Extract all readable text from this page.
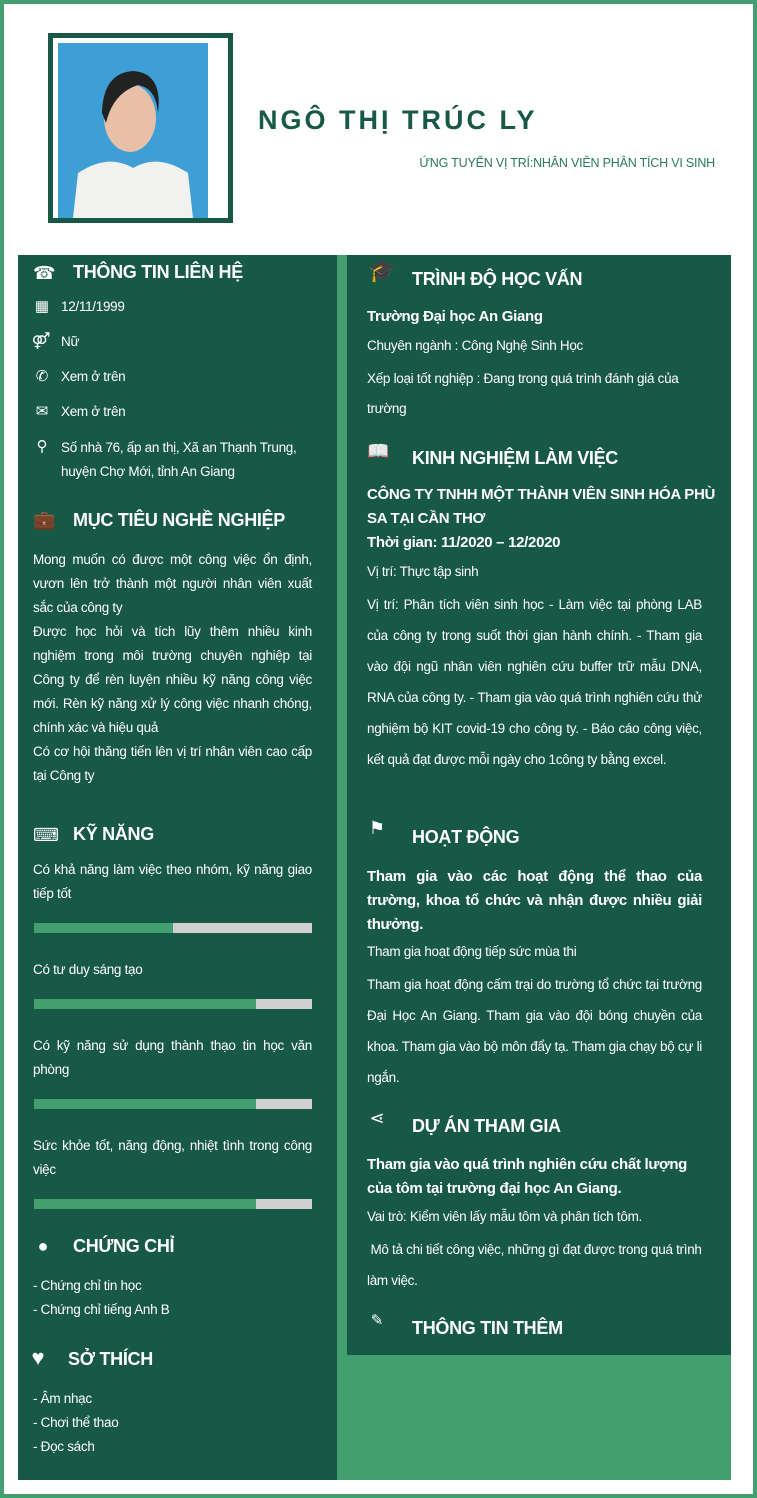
NGÔ THỊ TRÚC LY
ỨNG TUYỂN VỊ TRÍ:NHÂN VIÊN PHÂN TÍCH VI SINH
☎ THÔNG TIN LIÊN HỆ
▦ 12/11/1999
⚤ Nữ
✆ Xem ở trên
✉ Xem ở trên
⚲	Số nhà 76, ấp an thị, Xã an Thạnh Trung, huyện Chợ Mới, tỉnh An Giang
💼 MỤC TIÊU NGHỀ NGHIỆP
Mong muốn có được một công việc ổn định, vươn lên trở thành một người nhân viên xuất sắc của công ty
Được học hỏi và tích lũy thêm nhiều kinh nghiệm trong môi trường chuyên nghiệp tại Công ty để rèn luyện nhiều kỹ năng công việc mới. Rèn kỹ năng xử lý công việc nhanh chóng, chính xác và hiệu quả
Có cơ hội thăng tiến lên vị trí nhân viên cao cấp tại Công ty
⌨ KỸ NĂNG
Có khả năng làm việc theo nhóm, kỹ năng giao tiếp tốt
Có tư duy sáng tạo
Có kỹ năng sử dụng thành thạo tin học văn phòng
Sức khỏe tốt, năng động, nhiệt tình trong công việc
● CHỨNG CHỈ
- Chứng chỉ tin học
- Chứng chỉ tiếng Anh B
♥ SỞ THÍCH
- Âm nhạc
- Chơi thể thao
- Đọc sách
🎓 TRÌNH ĐỘ HỌC VẤN
Trường Đại học An Giang
Chuyên ngành : Công Nghệ Sinh Học
Xếp loại tốt nghiệp : Đang trong quá trình đánh giá của trường
📖 KINH NGHIỆM LÀM VIỆC
CÔNG TY TNHH MỘT THÀNH VIÊN SINH HÓA PHÙ SA TẠI CẦN THƠ
Thời gian: 11/2020 – 12/2020
Vị trí: Thực tập sinh
Vị trí: Phân tích viên sinh học - Làm việc tại phòng LAB của công ty trong suốt thời gian hành chính. - Tham gia vào đội ngũ nhân viên nghiên cứu buffer trữ mẫu DNA, RNA của công ty. - Tham gia vào quá trình nghiên cứu thử nghiệm bộ KIT covid-19 cho công ty. - Báo cáo công việc, kết quả đạt được mỗi ngày cho 1công ty bằng excel.
⚑ HOẠT ĐỘNG
Tham gia vào các hoạt động thể thao của trường, khoa tổ chức và nhận được nhiều giải thưởng.
Tham gia hoạt động tiếp sức mùa thi
Tham gia hoạt động cấm trại do trường tổ chức tại trường Đại Học An Giang. Tham gia vào đội bóng chuyền của khoa. Tham gia vào bộ môn đẩy tạ. Tham gia chạy bộ cự li ngắn.
⋖ DỰ ÁN THAM GIA
Tham gia vào quá trình nghiên cứu chất lượng của tôm tại trường đại học An Giang.
Vai trò: Kiểm viên lấy mẫu tôm và phân tích tôm.
Mô tả chi tiết công việc, những gì đạt được trong quá trình làm việc.
✎ THÔNG TIN THÊM
